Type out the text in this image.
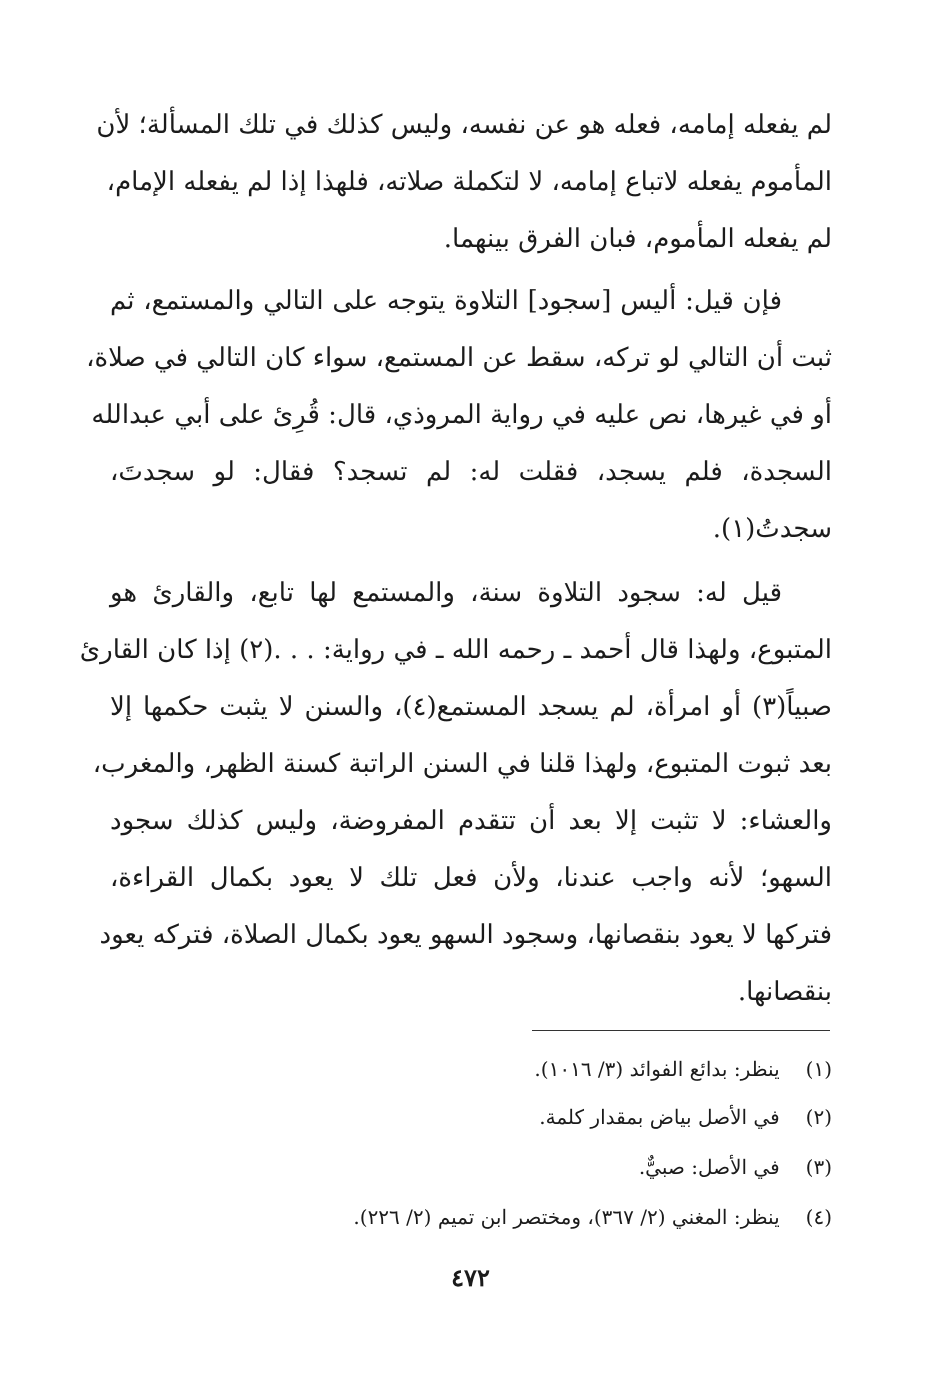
لم يفعله إمامه، فعله هو عن نفسه، وليس كذلك في تلك المسألة؛ لأن
المأموم يفعله لاتباع إمامه، لا لتكملة صلاته، فلهذا إذا لم يفعله الإمام،
لم يفعله المأموم، فبان الفرق بينهما.
فإن قيل: أليس [سجود] التلاوة يتوجه على التالي والمستمع، ثم
ثبت أن التالي لو تركه، سقط عن المستمع، سواء كان التالي في صلاة،
أو في غيرها، نص عليه في رواية المروذي، قال: قُرِئ على أبي عبدالله
السجدة، فلم يسجد، فقلت له: لم تسجد؟ فقال: لو سجدتَ،
سجدتُ(١).
قيل له: سجود التلاوة سنة، والمستمع لها تابع، والقارئ هو
المتبوع، ولهذا قال أحمد ـ رحمه الله ـ في رواية: . . .(٢) إذا كان القارئ
صبياً(٣) أو امرأة، لم يسجد المستمع(٤)، والسنن لا يثبت حكمها إلا
بعد ثبوت المتبوع، ولهذا قلنا في السنن الراتبة كسنة الظهر، والمغرب،
والعشاء: لا تثبت إلا بعد أن تتقدم المفروضة، وليس كذلك سجود
السهو؛ لأنه واجب عندنا، ولأن فعل تلك لا يعود بكمال القراءة،
فتركها لا يعود بنقصانها، وسجود السهو يعود بكمال الصلاة، فتركه يعود
بنقصانها.
(١) ينظر: بدائع الفوائد (٣/ ١٠١٦).
(٢) في الأصل بياض بمقدار كلمة.
(٣) في الأصل: صبيٌّ.
(٤) ينظر: المغني (٢/ ٣٦٧)، ومختصر ابن تميم (٢/ ٢٢٦).
٤٧٢
